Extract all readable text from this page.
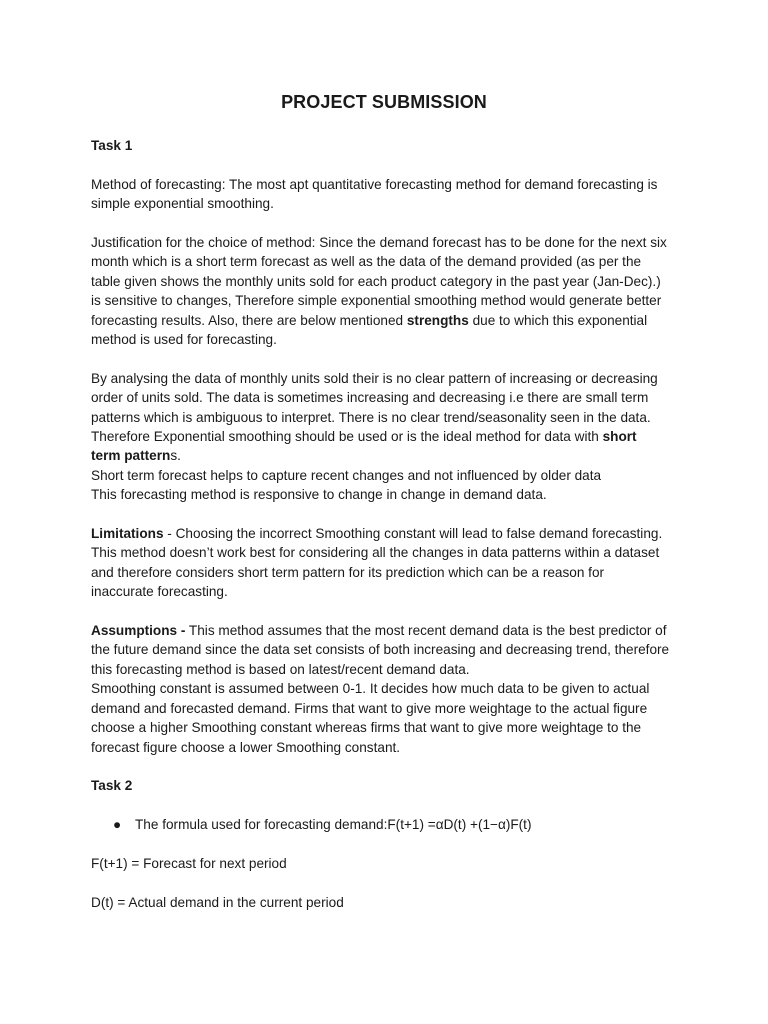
PROJECT SUBMISSION

Task 1

Method of forecasting: The most apt quantitative forecasting method for demand forecasting is

simple exponential smoothing.

Justification for the choice of method: Since the demand forecast has to be done for the next six

month which is a short term forecast as well as the data of the demand provided (as per the

table given shows the monthly units sold for each product category in the past year (Jan-Dec).)

is sensitive to changes, Therefore simple exponential smoothing method would generate better

forecasting results. Also, there are below mentioned strengths due to which this exponential

method is used for forecasting.

By analysing the data of monthly units sold their is no clear pattern of increasing or decreasing

order of units sold. The data is sometimes increasing and decreasing i.e there are small term

patterns which is ambiguous to interpret. There is no clear trend/seasonality seen in the data.

Therefore Exponential smoothing should be used or is the ideal method for data with short

term patterns.

Short term forecast helps to capture recent changes and not influenced by older data

This forecasting method is responsive to change in change in demand data.

Limitations - Choosing the incorrect Smoothing constant will lead to false demand forecasting.

This method doesn’t work best for considering all the changes in data patterns within a dataset

and therefore considers short term pattern for its prediction which can be a reason for

inaccurate forecasting.

Assumptions - This method assumes that the most recent demand data is the best predictor of

the future demand since the data set consists of both increasing and decreasing trend, therefore

this forecasting method is based on latest/recent demand data.

Smoothing constant is assumed between 0-1. It decides how much data to be given to actual

demand and forecasted demand. Firms that want to give more weightage to the actual figure

choose a higher Smoothing constant whereas firms that want to give more weightage to the

forecast figure choose a lower Smoothing constant.

Task 2

●	The formula used for forecasting demand:F(t+1) =αD(t) +(1−α)F(t)

F(t+1) = Forecast for next period

D(t) = Actual demand in the current period
